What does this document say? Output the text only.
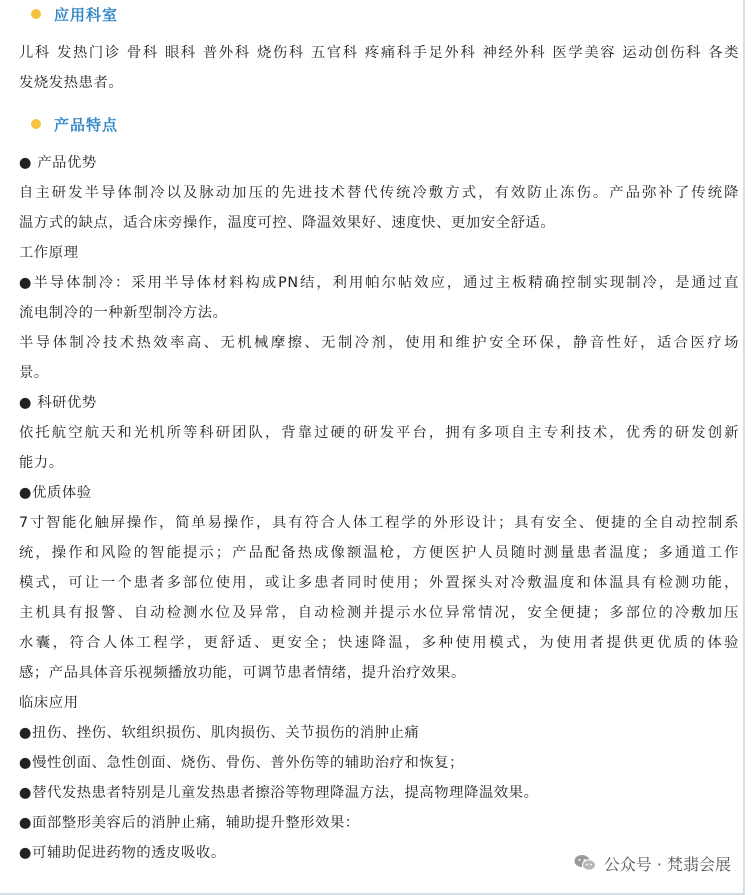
应用科室
儿科 发热门诊 骨科 眼科 普外科 烧伤科 五官科 疼痛科手足外科 神经外科 医学美容 运动创伤科 各类
发烧发热患者。
产品特点
● 产品优势
自主研发半导体制冷以及脉动加压的先进技术替代传统冷敷方式，有效防止冻伤。产品弥补了传统降
温方式的缺点，适合床旁操作，温度可控、降温效果好、速度快、更加安全舒适。
工作原理
●半导体制冷：采用半导体材料构成PN结，利用帕尔帖效应，通过主板精确控制实现制冷，是通过直
流电制冷的一种新型制冷方法。
半导体制冷技术热效率高、无机械摩擦、无制冷剂，使用和维护安全环保，静音性好，适合医疗场
景。
● 科研优势
依托航空航天和光机所等科研团队，背靠过硬的研发平台，拥有多项自主专利技术，优秀的研发创新
能力。
●优质体验
7寸智能化触屏操作，简单易操作，具有符合人体工程学的外形设计；具有安全、便捷的全自动控制系
统，操作和风险的智能提示；产品配备热成像额温枪，方便医护人员随时测量患者温度；多通道工作
模式，可让一个患者多部位使用，或让多患者同时使用；外置探头对冷敷温度和体温具有检测功能，
主机具有报警、自动检测水位及异常，自动检测并提示水位异常情况，安全便捷；多部位的冷敷加压
水囊，符合人体工程学，更舒适、更安全；快速降温，多种使用模式，为使用者提供更优质的体验
感；产品具体音乐视频播放功能，可调节患者情绪，提升治疗效果。
临床应用
●扭伤、挫伤、软组织损伤、肌肉损伤、关节损伤的消肿止痛
●慢性创面、急性创面、烧伤、骨伤、普外伤等的辅助治疗和恢复；
●替代发热患者特别是儿童发热患者擦浴等物理降温方法，提高物理降温效果。
●面部整形美容后的消肿止痛，辅助提升整形效果：
●可辅助促进药物的透皮吸收。
公众号 · 梵翡会展
